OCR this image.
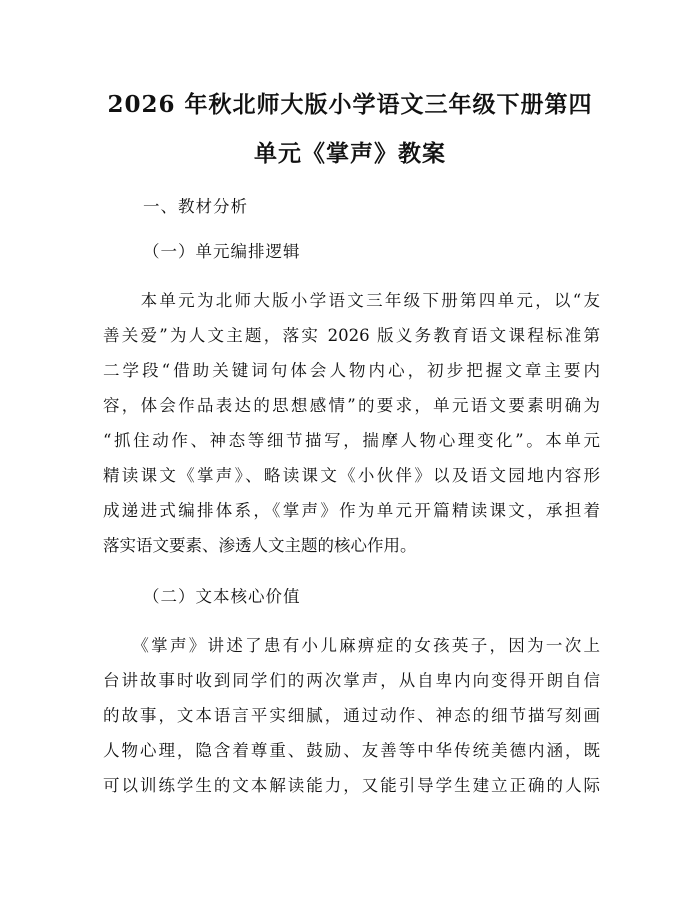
2026 年秋北师大版小学语文三年级下册第四
单元《掌声》教案
一、教材分析
（一）单元编排逻辑
　　本单元为北师大版小学语文三年级下册第四单元，以“友
善关爱”为人文主题，落实 2026 版义务教育语文课程标准第
二学段“借助关键词句体会人物内心，初步把握文章主要内
容，体会作品表达的思想感情”的要求，单元语文要素明确为
“抓住动作、神态等细节描写，揣摩人物心理变化”。本单元
精读课文《掌声》、略读课文《小伙伴》以及语文园地内容形
成递进式编排体系，《掌声》作为单元开篇精读课文，承担着
落实语文要素、渗透人文主题的核心作用。
（二）文本核心价值
　　《掌声》讲述了患有小儿麻痹症的女孩英子，因为一次上
台讲故事时收到同学们的两次掌声，从自卑内向变得开朗自信
的故事，文本语言平实细腻，通过动作、神态的细节描写刻画
人物心理，隐含着尊重、鼓励、友善等中华传统美德内涵，既
可以训练学生的文本解读能力，又能引导学生建立正确的人际
